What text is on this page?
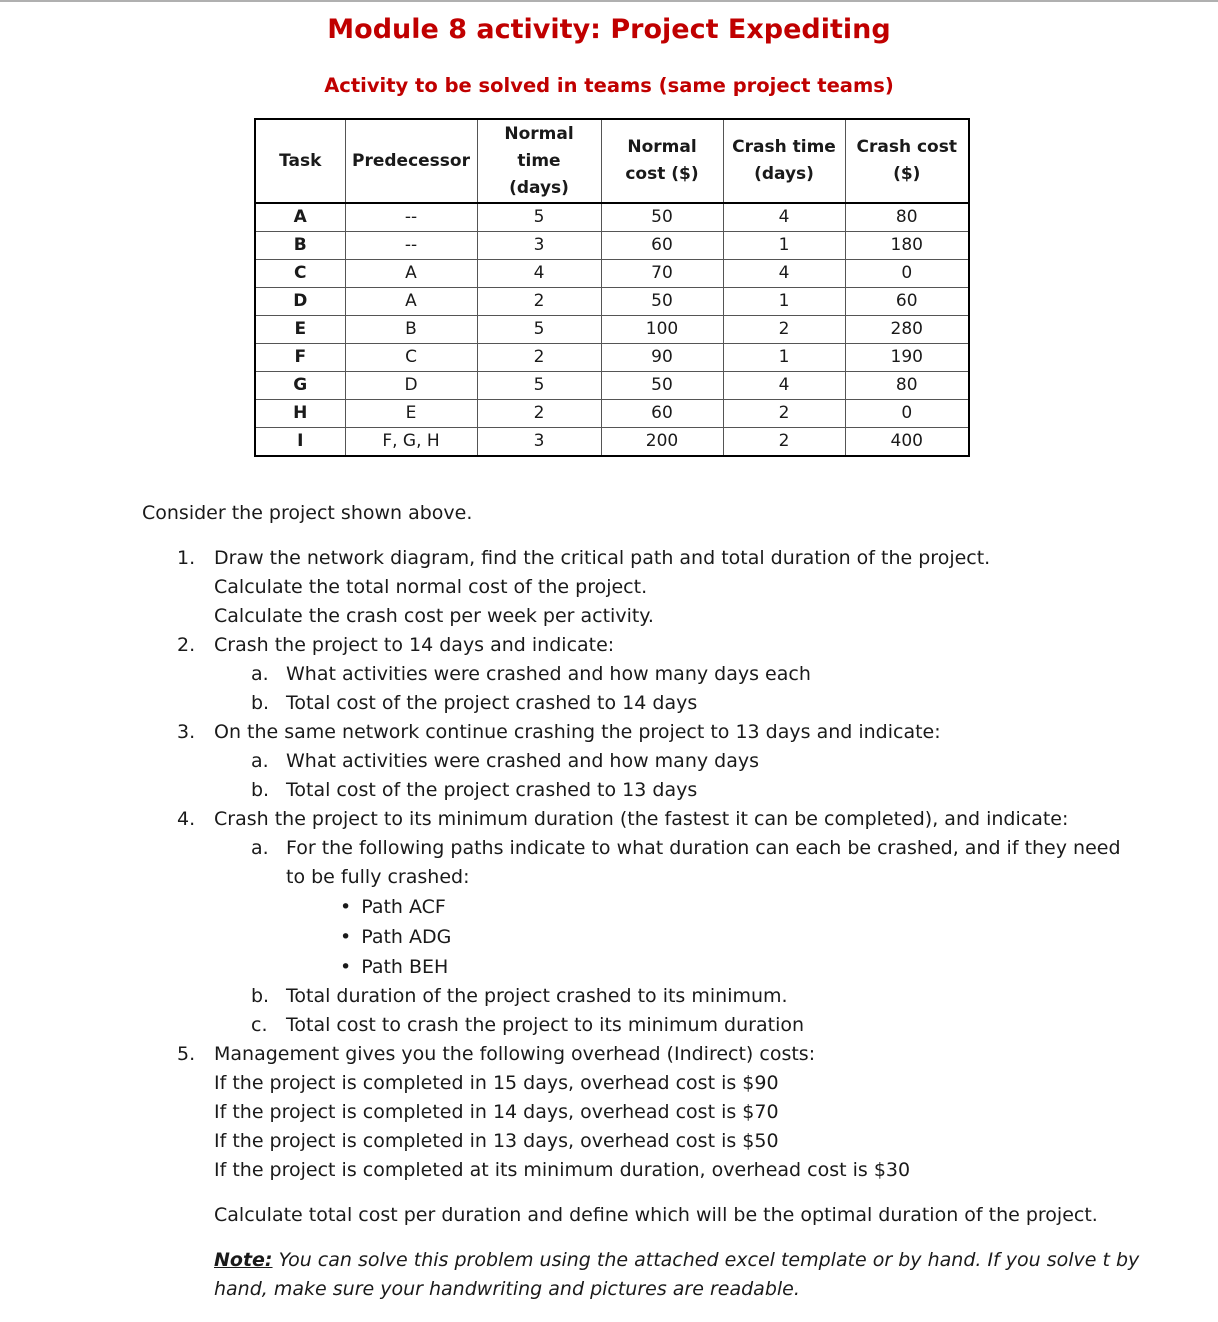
Module 8 activity: Project Expediting
Activity to be solved in teams (same project teams)
Task	Predecessor	Normal time (days)	Normal cost ($)	Crash time (days)	Crash cost ($)
A	--	5	50	4	80
B	--	3	60	1	180
C	A	4	70	4	0
D	A	2	50	1	60
E	B	5	100	2	280
F	C	2	90	1	190
G	D	5	50	4	80
H	E	2	60	2	0
I	F, G, H	3	200	2	400
Consider the project shown above.
1. Draw the network diagram, find the critical path and total duration of the project.
Calculate the total normal cost of the project.
Calculate the crash cost per week per activity.
2. Crash the project to 14 days and indicate:
a. What activities were crashed and how many days each
b. Total cost of the project crashed to 14 days
3. On the same network continue crashing the project to 13 days and indicate:
a. What activities were crashed and how many days
b. Total cost of the project crashed to 13 days
4. Crash the project to its minimum duration (the fastest it can be completed), and indicate:
a. For the following paths indicate to what duration can each be crashed, and if they need
to be fully crashed:
• Path ACF
• Path ADG
• Path BEH
b. Total duration of the project crashed to its minimum.
c. Total cost to crash the project to its minimum duration
5. Management gives you the following overhead (Indirect) costs:
If the project is completed in 15 days, overhead cost is $90
If the project is completed in 14 days, overhead cost is $70
If the project is completed in 13 days, overhead cost is $50
If the project is completed at its minimum duration, overhead cost is $30
Calculate total cost per duration and define which will be the optimal duration of the project.
Note: You can solve this problem using the attached excel template or by hand. If you solve t by
hand, make sure your handwriting and pictures are readable.
